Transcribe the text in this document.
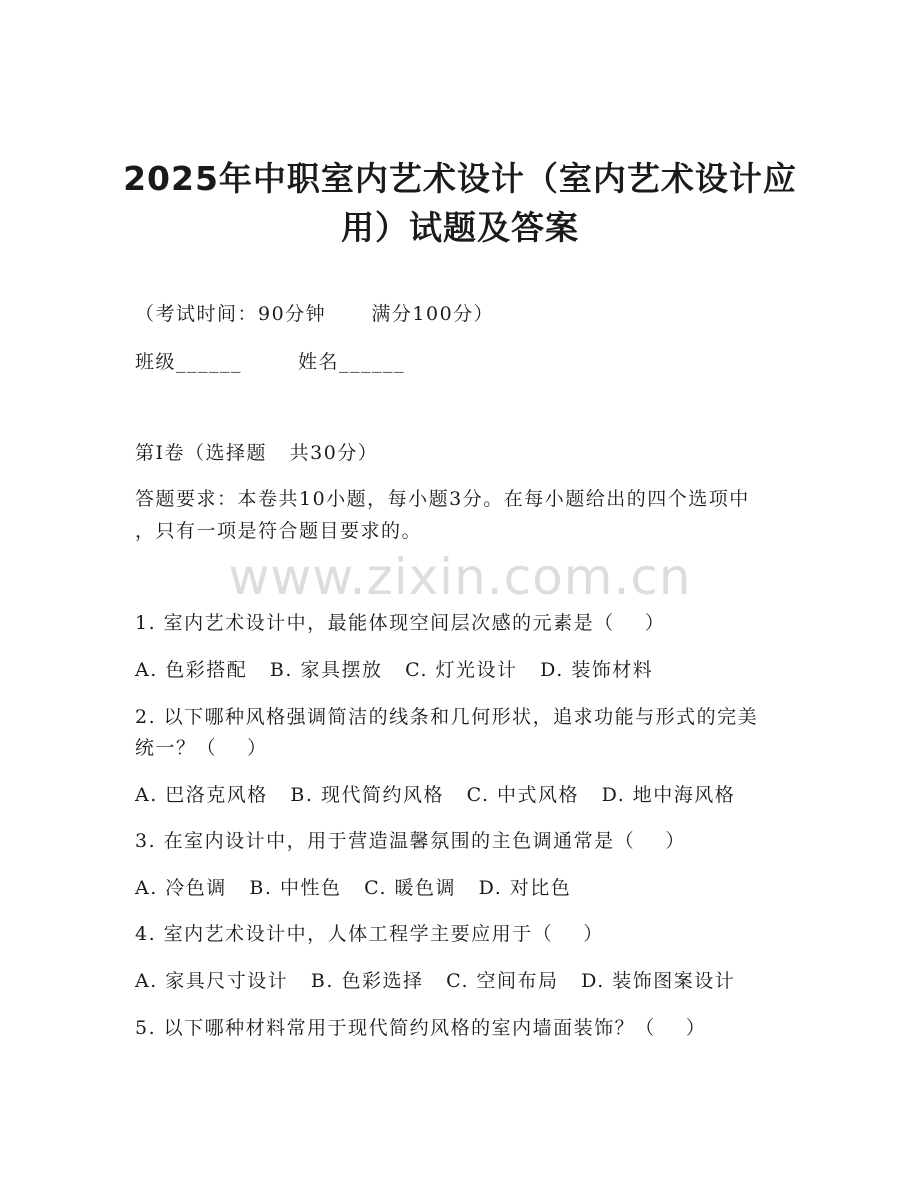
2025年中职室内艺术设计（室内艺术设计应
用）试题及答案
（考试时间：90分钟      满分100分）
班级______	姓名______
第I卷（选择题   共30分）
答题要求：本卷共10小题，每小题3分。在每小题给出的四个选项中
，只有一项是符合题目要求的。
www.zixin.com.cn
1. 室内艺术设计中，最能体现空间层次感的元素是（    ）
A. 色彩搭配   B. 家具摆放   C. 灯光设计   D. 装饰材料
2. 以下哪种风格强调简洁的线条和几何形状，追求功能与形式的完美
统一？（    ）
A. 巴洛克风格   B. 现代简约风格   C. 中式风格   D. 地中海风格
3. 在室内设计中，用于营造温馨氛围的主色调通常是（    ）
A. 冷色调   B. 中性色   C. 暖色调   D. 对比色
4. 室内艺术设计中，人体工程学主要应用于（    ）
A. 家具尺寸设计   B. 色彩选择   C. 空间布局   D. 装饰图案设计
5. 以下哪种材料常用于现代简约风格的室内墙面装饰？（    ）
